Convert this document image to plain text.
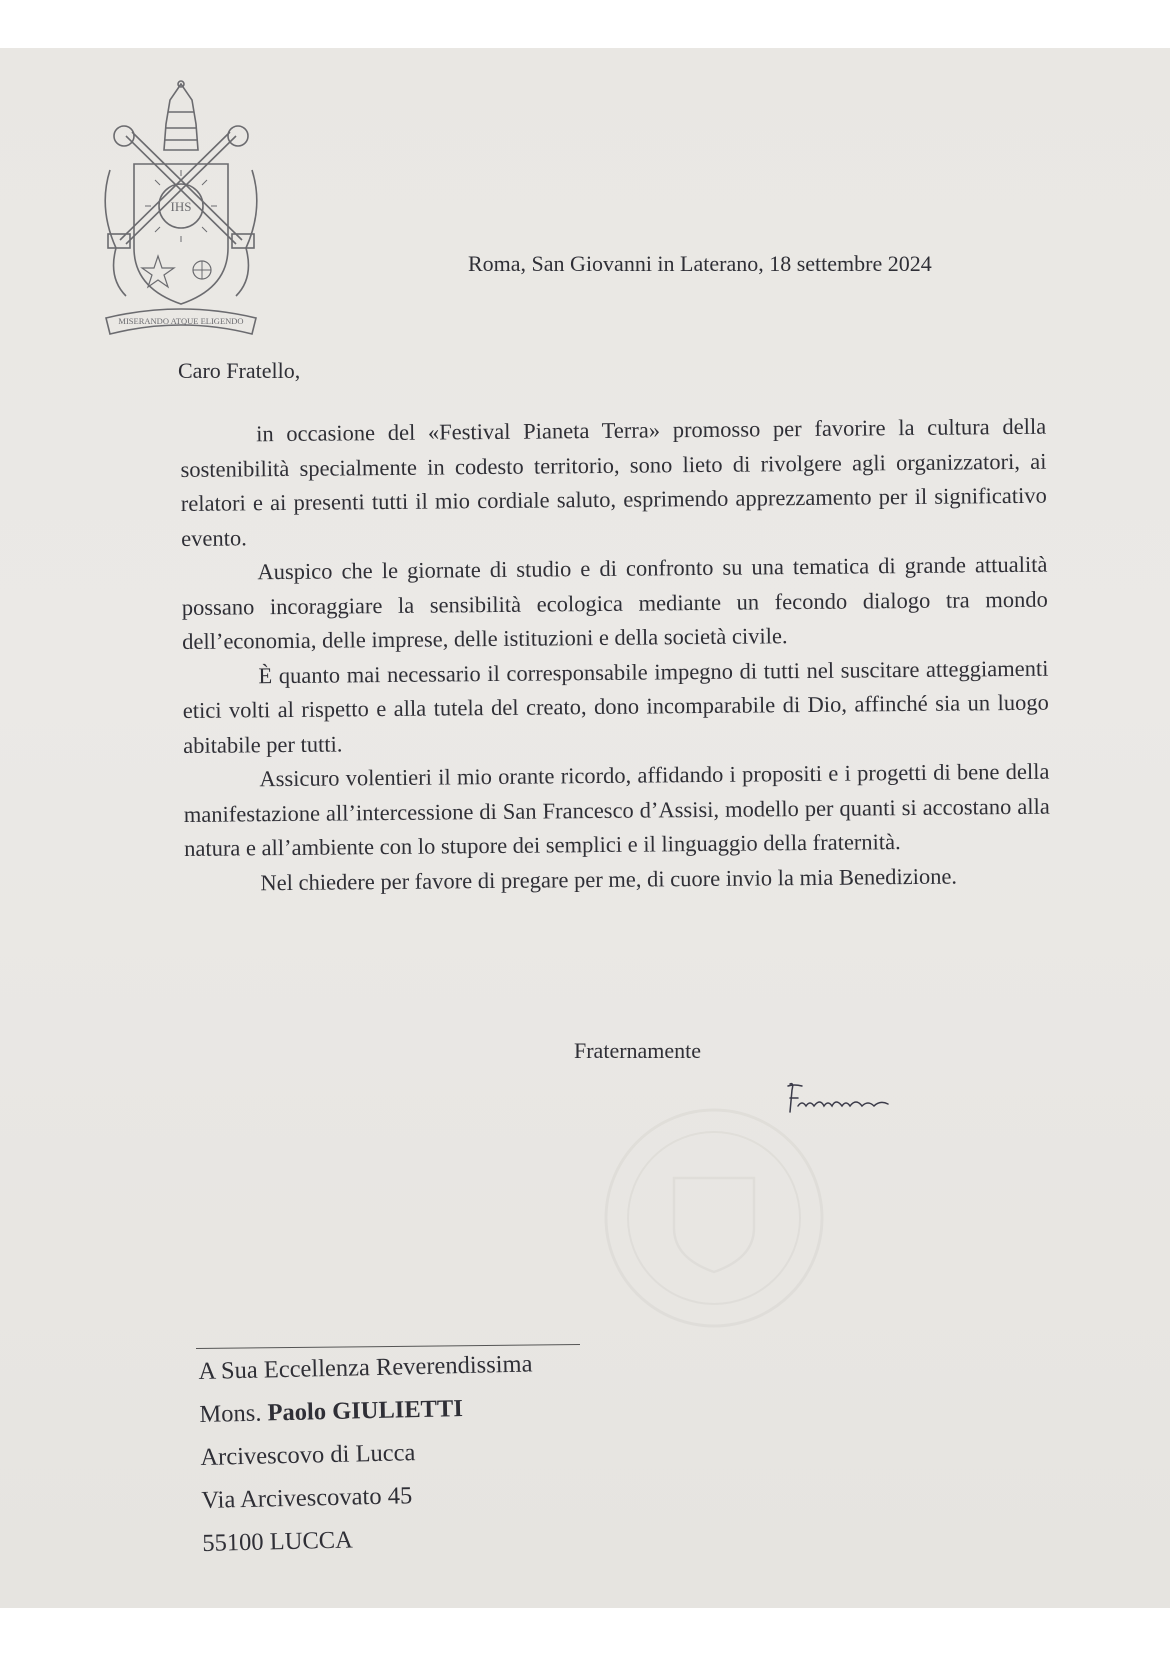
IHS
MISERANDO ATQUE ELIGENDO
Roma, San Giovanni in Laterano, 18 settembre 2024
Caro Fratello,

in occasione del «Festival Pianeta Terra» promosso per favorire la cultura della sostenibilità specialmente in codesto territorio, sono lieto di rivolgere agli organizzatori, ai relatori e ai presenti tutti il mio cordiale saluto, esprimendo apprezzamento per il significativo evento.

Auspico che le giornate di studio e di confronto su una tematica di grande attualità possano incoraggiare la sensibilità ecologica mediante un fecondo dialogo tra mondo dell’economia, delle imprese, delle istituzioni e della società civile.

È quanto mai necessario il corresponsabile impegno di tutti nel suscitare atteggiamenti etici volti al rispetto e alla tutela del creato, dono incomparabile di Dio, affinché sia un luogo abitabile per tutti.

Assicuro volentieri il mio orante ricordo, affidando i propositi e i progetti di bene della manifestazione all’intercessione di San Francesco d’Assisi, modello per quanti si accostano alla natura e all’ambiente con lo stupore dei semplici e il linguaggio della fraternità.

Nel chiedere per favore di pregare per me, di cuore invio la mia Benedizione.

Fraternamente
A Sua Eccellenza Reverendissima
Mons. Paolo GIULIETTI
Arcivescovo di Lucca
Via Arcivescovato 45
55100 LUCCA
